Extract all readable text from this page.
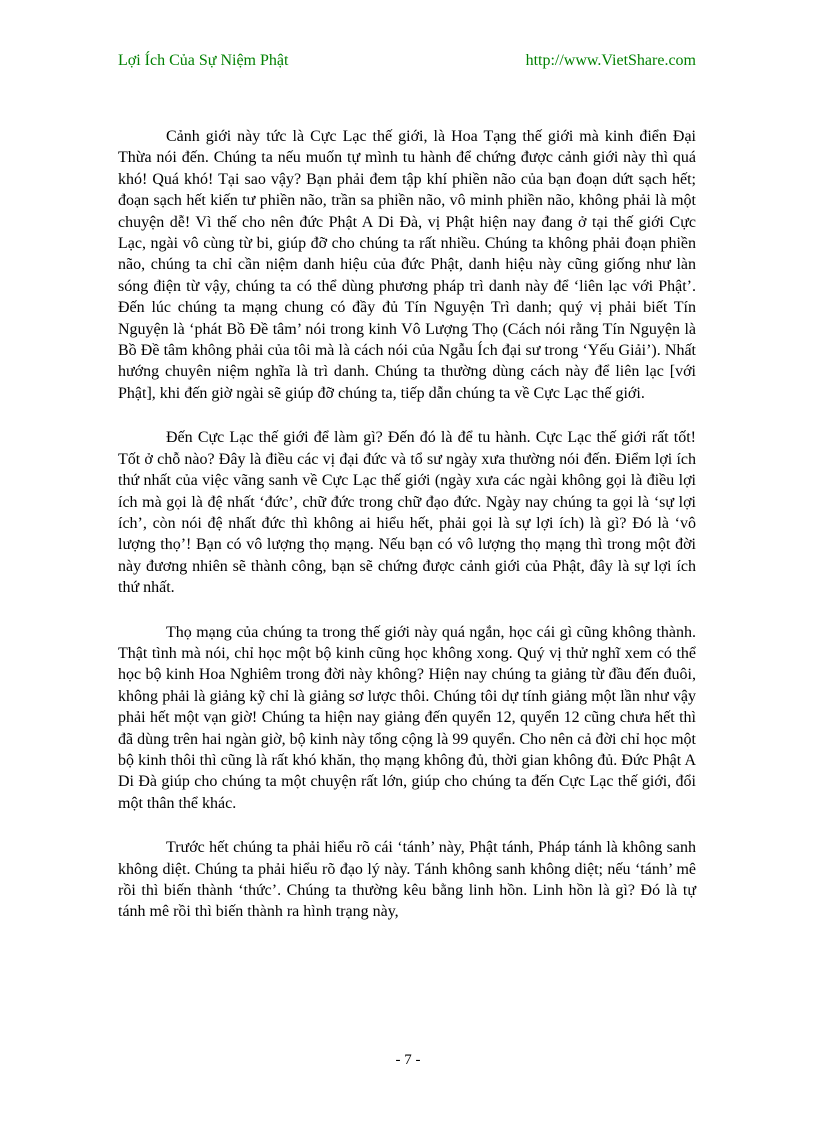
Lợi Ích Của Sự Niệm Phật	http://www.VietShare.com

Cảnh giới này tức là Cực Lạc thế giới, là Hoa Tạng thế giới mà kinh điển Đại Thừa nói đến. Chúng ta nếu muốn tự mình tu hành để chứng được cảnh giới này thì quá khó! Quá khó! Tại sao vậy? Bạn phải đem tập khí phiền não của bạn đoạn dứt sạch hết; đoạn sạch hết kiến tư phiền não, trần sa phiền não, vô minh phiền não, không phải là một chuyện dễ! Vì thế cho nên đức Phật A Di Đà, vị Phật hiện nay đang ở tại thế giới Cực Lạc, ngài vô cùng từ bi, giúp đỡ cho chúng ta rất nhiều. Chúng ta không phải đoạn phiền não, chúng ta chỉ cần niệm danh hiệu của đức Phật, danh hiệu này cũng giống như làn sóng điện từ vậy, chúng ta có thể dùng phương pháp trì danh này để ‘liên lạc với Phật’. Đến lúc chúng ta mạng chung có đầy đủ Tín Nguyện Trì danh; quý vị phải biết Tín Nguyện là ‘phát Bồ Đề tâm’ nói trong kinh Vô Lượng Thọ (Cách nói rằng Tín Nguyện là Bồ Đề tâm không phải của tôi mà là cách nói của Ngẫu Ích đại sư trong ‘Yếu Giải’). Nhất hướng chuyên niệm nghĩa là trì danh. Chúng ta thường dùng cách này để liên lạc [với Phật], khi đến giờ ngài sẽ giúp đỡ chúng ta, tiếp dẫn chúng ta về Cực Lạc thế giới.

Đến Cực Lạc thế giới để làm gì? Đến đó là để tu hành. Cực Lạc thế giới rất tốt! Tốt ở chỗ nào? Đây là điều các vị đại đức và tổ sư ngày xưa thường nói đến. Điểm lợi ích thứ nhất của việc vãng sanh về Cực Lạc thế giới (ngày xưa các ngài không gọi là điều lợi ích mà gọi là đệ nhất ‘đức’, chữ đức trong chữ đạo đức. Ngày nay chúng ta gọi là ‘sự lợi ích’, còn nói đệ nhất đức thì không ai hiểu hết, phải gọi là sự lợi ích) là gì? Đó là ‘vô lượng thọ’! Bạn có vô lượng thọ mạng. Nếu bạn có vô lượng thọ mạng thì trong một đời này đương nhiên sẽ thành công, bạn sẽ chứng được cảnh giới của Phật, đây là sự lợi ích thứ nhất.

Thọ mạng của chúng ta trong thế giới này quá ngắn, học cái gì cũng không thành. Thật tình mà nói, chỉ học một bộ kinh cũng học không xong. Quý vị thử nghĩ xem có thể học bộ kinh Hoa Nghiêm trong đời này không? Hiện nay chúng ta giảng từ đầu đến đuôi, không phải là giảng kỹ chỉ là giảng sơ lược thôi. Chúng tôi dự tính giảng một lần như vậy phải hết một vạn giờ! Chúng ta hiện nay giảng đến quyển 12, quyển 12 cũng chưa hết thì đã dùng trên hai ngàn giờ, bộ kinh này tổng cộng là 99 quyển. Cho nên cả đời chỉ học một bộ kinh thôi thì cũng là rất khó khăn, thọ mạng không đủ, thời gian không đủ. Đức Phật A Di Đà giúp cho chúng ta một chuyện rất lớn, giúp cho chúng ta đến Cực Lạc thế giới, đổi một thân thể khác.

Trước hết chúng ta phải hiểu rõ cái ‘tánh’ này, Phật tánh, Pháp tánh là không sanh không diệt. Chúng ta phải hiểu rõ đạo lý này. Tánh không sanh không diệt; nếu ‘tánh’ mê rồi thì biến thành ‘thức’. Chúng ta thường kêu bằng linh hồn. Linh hồn là gì? Đó là tự tánh mê rồi thì biến thành ra hình trạng này,

- 7 -
